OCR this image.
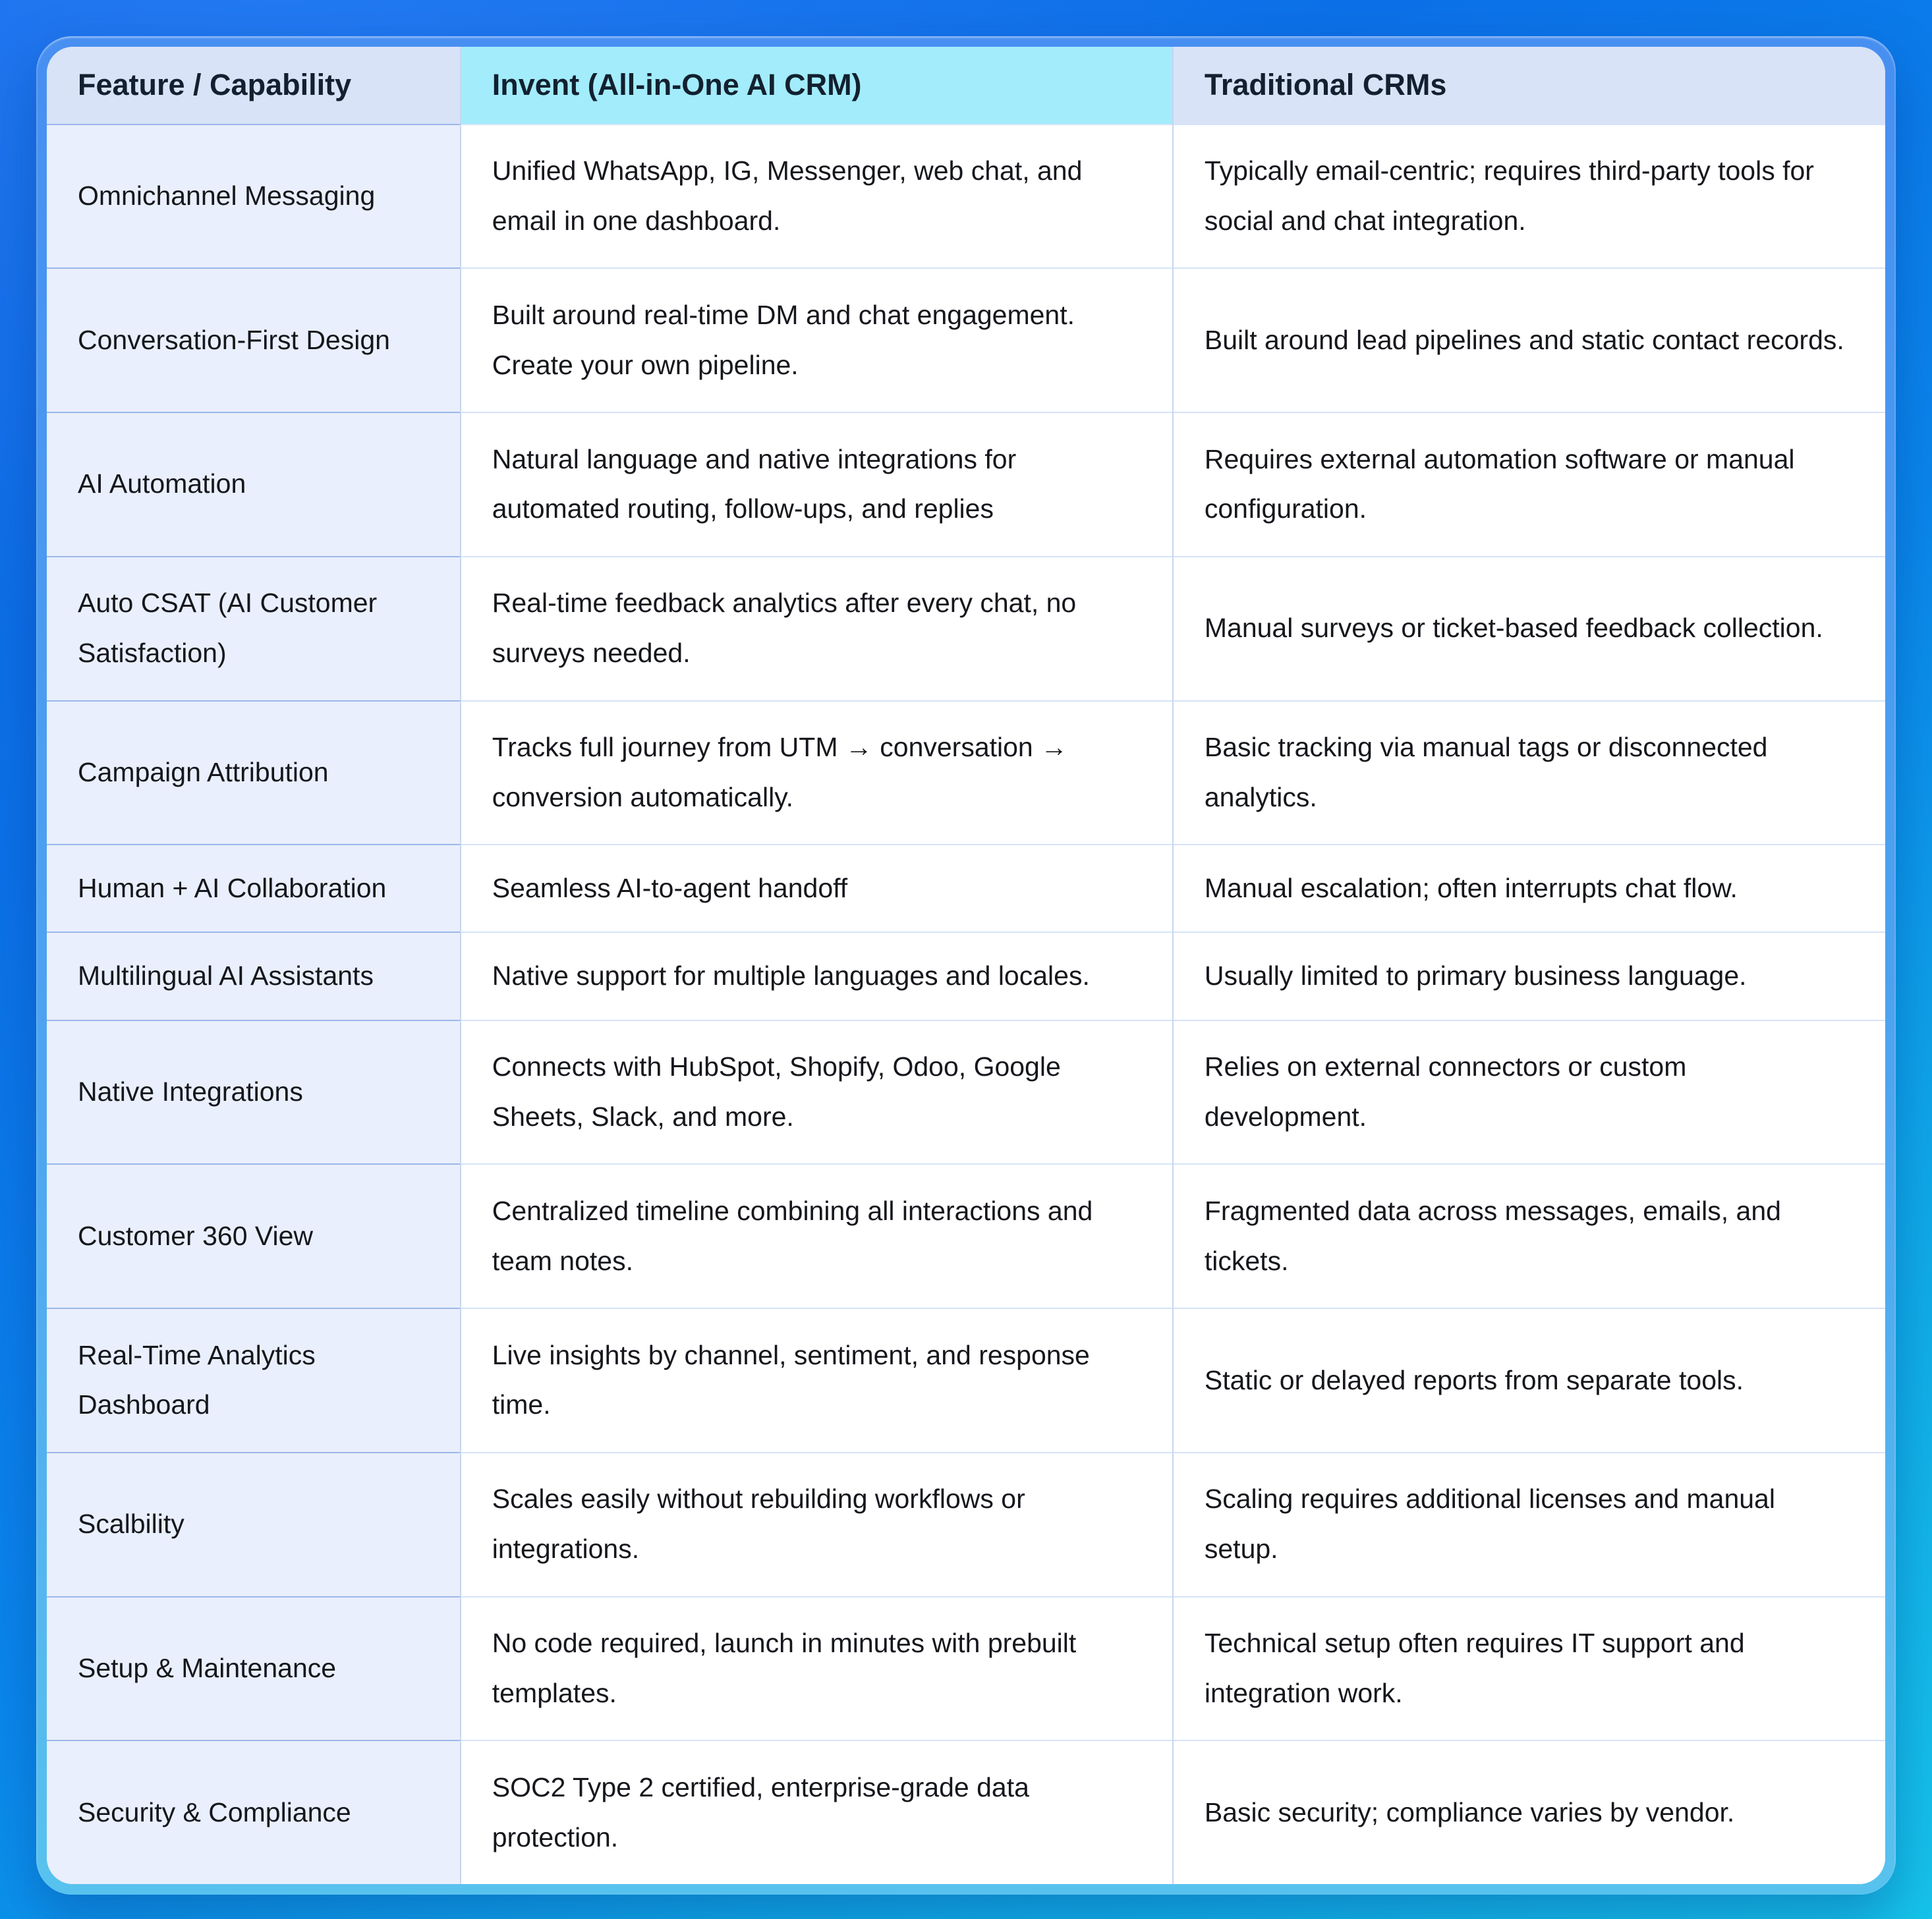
Feature / Capability	Invent (All-in-One AI CRM)	Traditional CRMs
Omnichannel Messaging	Unified WhatsApp, IG, Messenger, web chat, and email in one dashboard.	Typically email-centric; requires third-party tools for social and chat integration.
Conversation-First Design	Built around real-time DM and chat engagement. Create your own pipeline.	Built around lead pipelines and static contact records.
AI Automation	Natural language and native integrations for automated routing, follow-ups, and replies	Requires external automation software or manual configuration.
Auto CSAT (AI Customer Satisfaction)	Real-time feedback analytics after every chat, no surveys needed.	Manual surveys or ticket-based feedback collection.
Campaign Attribution	Tracks full journey from UTM → conversation → conversion automatically.	Basic tracking via manual tags or disconnected analytics.
Human + AI Collaboration	Seamless AI-to-agent handoff	Manual escalation; often interrupts chat flow.
Multilingual AI Assistants	Native support for multiple languages and locales.	Usually limited to primary business language.
Native Integrations	Connects with HubSpot, Shopify, Odoo, Google Sheets, Slack, and more.	Relies on external connectors or custom development.
Customer 360 View	Centralized timeline combining all interactions and team notes.	Fragmented data across messages, emails, and tickets.
Real-Time Analytics Dashboard	Live insights by channel, sentiment, and response time.	Static or delayed reports from separate tools.
Scalbility	Scales easily without rebuilding workflows or integrations.	Scaling requires additional licenses and manual setup.
Setup & Maintenance	No code required, launch in minutes with prebuilt templates.	Technical setup often requires IT support and integration work.
Security & Compliance	SOC2 Type 2 certified, enterprise-grade data protection.	Basic security; compliance varies by vendor.
